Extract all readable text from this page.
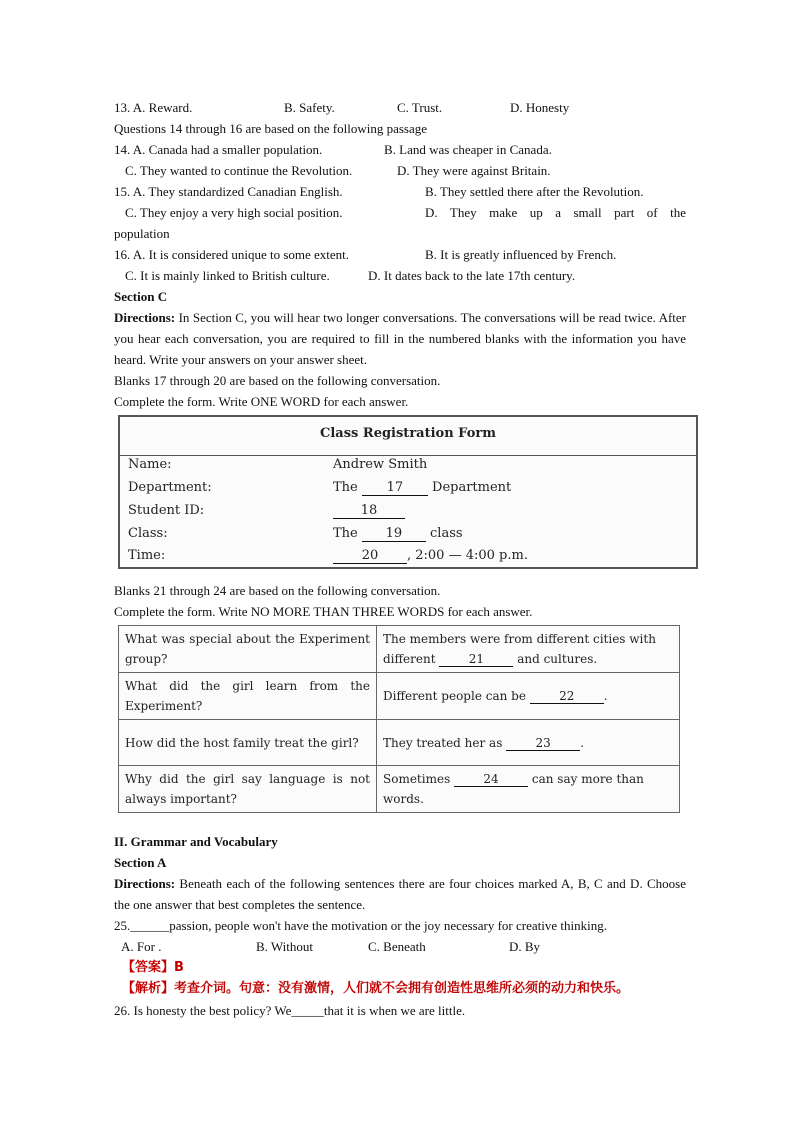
13. A. Reward.	B. Safety.	C. Trust.	D. Honesty
Questions 14 through 16 are based on the following passage
14. A. Canada had a smaller population.	B. Land was cheaper in Canada.
C. They wanted to continue the Revolution.	D. They were against Britain.
15. A. They standardized Canadian English.	B. They settled there after the Revolution.
C. They enjoy a very high social position.	D. They make up a small part of the
population
16. A. It is considered unique to some extent.	B. It is greatly influenced by French.
C. It is mainly linked to British culture.	D. It dates back to the late 17th century.
Section C
Directions: In Section C, you will hear two longer conversations. The conversations will be read twice. After you hear each conversation, you are required to fill in the numbered blanks with the information you have heard. Write your answers on your answer sheet.
Blanks 17 through 20 are based on the following conversation.
Complete the form. Write ONE WORD for each answer.
Class Registration Form
Name:	Andrew Smith
Department:	The 17 Department
Student ID:	18
Class:	The 19 class
Time:	20 , 2:00 — 4:00 p.m.
Blanks 21 through 24 are based on the following conversation.
Complete the form. Write NO MORE THAN THREE WORDS for each answer.
What was special about the Experiment group?	The members were from different cities with different 21 and cultures.
What did the girl learn from the Experiment?	Different people can be 22 .
How did the host family treat the girl?	They treated her as 23 .
Why did the girl say language is not always important?	Sometimes 24 can say more than words.
II. Grammar and Vocabulary
Section A
Directions: Beneath each of the following sentences there are four choices marked A, B, C and D. Choose the one answer that best completes the sentence.
25.______passion, people won't have the motivation or the joy necessary for creative thinking.
A. For .	B. Without	C. Beneath	D. By
【答案】B
【解析】考查介词。句意：没有激情，人们就不会拥有创造性思维所必须的动力和快乐。
26. Is honesty the best policy? We_____that it is when we are little.
